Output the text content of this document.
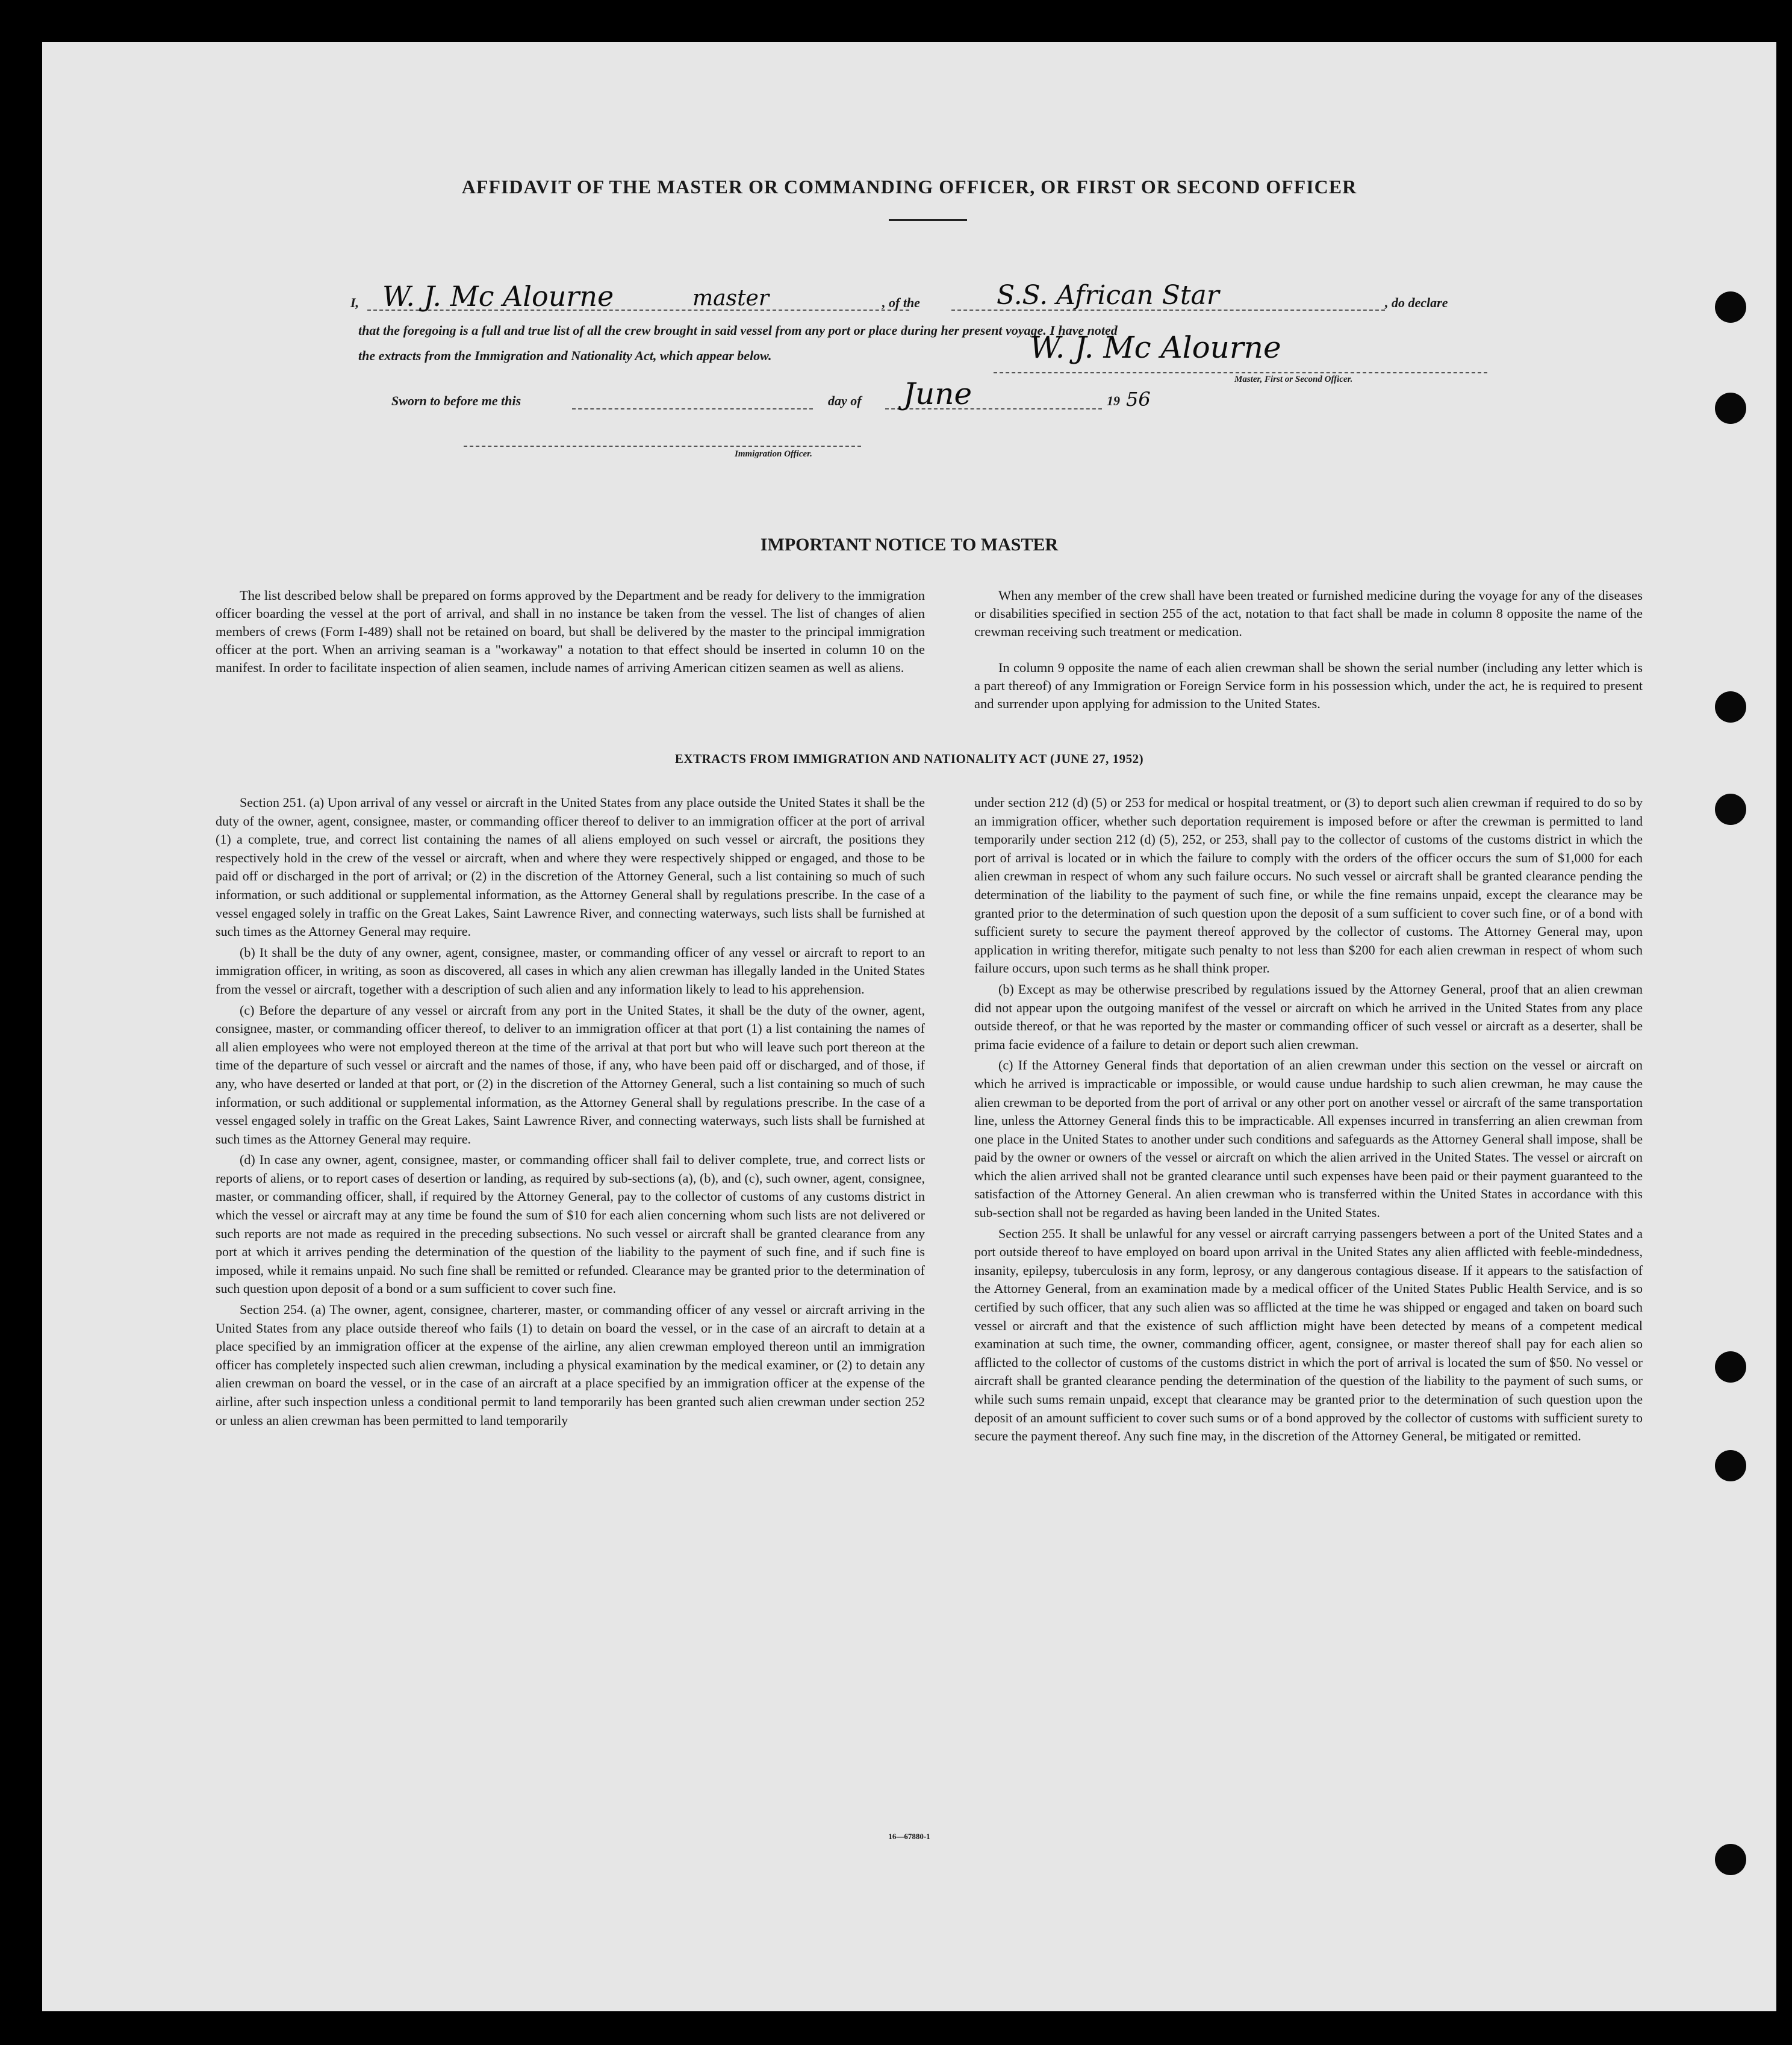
AFFIDAVIT OF THE MASTER OR COMMANDING OFFICER, OR FIRST OR SECOND OFFICER
I, W. J. Mc Alourne	master	, of the	S.S. African Star	, do declare
that the foregoing is a full and true list of all the crew brought in said vessel from any port or place during her present voyage. I have noted
the extracts from the Immigration and Nationality Act, which appear below.	W. J. Mc Alourne
Master, First or Second Officer.
Sworn to before me this	day of June	19 56
Immigration Officer.
IMPORTANT NOTICE TO MASTER
The list described below shall be prepared on forms approved by the Department and be ready for delivery to the immigration officer boarding the vessel at the port of arrival, and shall in no instance be taken from the vessel. The list of changes of alien members of crews (Form I-489) shall not be retained on board, but shall be delivered by the master to the principal immigration officer at the port. When an arriving seaman is a "workaway" a notation to that effect should be inserted in column 10 on the manifest. In order to facilitate inspection of alien seamen, include names of arriving American citizen seamen as well as aliens.
When any member of the crew shall have been treated or furnished medicine during the voyage for any of the diseases or disabilities specified in section 255 of the act, notation to that fact shall be made in column 8 opposite the name of the crewman receiving such treatment or medication.
In column 9 opposite the name of each alien crewman shall be shown the serial number (including any letter which is a part thereof) of any Immigration or Foreign Service form in his possession which, under the act, he is required to present and surrender upon applying for admission to the United States.
EXTRACTS FROM IMMIGRATION AND NATIONALITY ACT (JUNE 27, 1952)

Section 251. (a) Upon arrival of any vessel or aircraft in the United States from any place outside the United States it shall be the duty of the owner, agent, consignee, master, or commanding officer thereof to deliver to an immigration officer at the port of arrival (1) a complete, true, and correct list containing the names of all aliens employed on such vessel or aircraft, the positions they respectively hold in the crew of the vessel or aircraft, when and where they were respectively shipped or engaged, and those to be paid off or discharged in the port of arrival; or (2) in the discretion of the Attorney General, such a list containing so much of such information, or such additional or supplemental information, as the Attorney General shall by regulations prescribe. In the case of a vessel engaged solely in traffic on the Great Lakes, Saint Lawrence River, and connecting waterways, such lists shall be furnished at such times as the Attorney General may require.

(b) It shall be the duty of any owner, agent, consignee, master, or commanding officer of any vessel or aircraft to report to an immigration officer, in writing, as soon as discovered, all cases in which any alien crewman has illegally landed in the United States from the vessel or aircraft, together with a description of such alien and any information likely to lead to his apprehension.

(c) Before the departure of any vessel or aircraft from any port in the United States, it shall be the duty of the owner, agent, consignee, master, or commanding officer thereof, to deliver to an immigration officer at that port (1) a list containing the names of all alien employees who were not employed thereon at the time of the arrival at that port but who will leave such port thereon at the time of the departure of such vessel or aircraft and the names of those, if any, who have been paid off or discharged, and of those, if any, who have deserted or landed at that port, or (2) in the discretion of the Attorney General, such a list containing so much of such information, or such additional or supplemental information, as the Attorney General shall by regulations prescribe. In the case of a vessel engaged solely in traffic on the Great Lakes, Saint Lawrence River, and connecting waterways, such lists shall be furnished at such times as the Attorney General may require.

(d) In case any owner, agent, consignee, master, or commanding officer shall fail to deliver complete, true, and correct lists or reports of aliens, or to report cases of desertion or landing, as required by sub-sections (a), (b), and (c), such owner, agent, consignee, master, or commanding officer, shall, if required by the Attorney General, pay to the collector of customs of any customs district in which the vessel or aircraft may at any time be found the sum of $10 for each alien concerning whom such lists are not delivered or such reports are not made as required in the preceding subsections. No such vessel or aircraft shall be granted clearance from any port at which it arrives pending the determination of the question of the liability to the payment of such fine, and if such fine is imposed, while it remains unpaid. No such fine shall be remitted or refunded. Clearance may be granted prior to the determination of such question upon deposit of a bond or a sum sufficient to cover such fine.

Section 254. (a) The owner, agent, consignee, charterer, master, or commanding officer of any vessel or aircraft arriving in the United States from any place outside thereof who fails (1) to detain on board the vessel, or in the case of an aircraft to detain at a place specified by an immigration officer at the expense of the airline, any alien crewman employed thereon until an immigration officer has completely inspected such alien crewman, including a physical examination by the medical examiner, or (2) to detain any alien crewman on board the vessel, or in the case of an aircraft at a place specified by an immigration officer at the expense of the airline, after such inspection unless a conditional permit to land temporarily has been granted such alien crewman under section 252 or unless an alien crewman has been permitted to land temporarily

under section 212 (d) (5) or 253 for medical or hospital treatment, or (3) to deport such alien crewman if required to do so by an immigration officer, whether such deportation requirement is imposed before or after the crewman is permitted to land temporarily under section 212 (d) (5), 252, or 253, shall pay to the collector of customs of the customs district in which the port of arrival is located or in which the failure to comply with the orders of the officer occurs the sum of $1,000 for each alien crewman in respect of whom any such failure occurs. No such vessel or aircraft shall be granted clearance pending the determination of the liability to the payment of such fine, or while the fine remains unpaid, except the clearance may be granted prior to the determination of such question upon the deposit of a sum sufficient to cover such fine, or of a bond with sufficient surety to secure the payment thereof approved by the collector of customs. The Attorney General may, upon application in writing therefor, mitigate such penalty to not less than $200 for each alien crewman in respect of whom such failure occurs, upon such terms as he shall think proper.

(b) Except as may be otherwise prescribed by regulations issued by the Attorney General, proof that an alien crewman did not appear upon the outgoing manifest of the vessel or aircraft on which he arrived in the United States from any place outside thereof, or that he was reported by the master or commanding officer of such vessel or aircraft as a deserter, shall be prima facie evidence of a failure to detain or deport such alien crewman.

(c) If the Attorney General finds that deportation of an alien crewman under this section on the vessel or aircraft on which he arrived is impracticable or impossible, or would cause undue hardship to such alien crewman, he may cause the alien crewman to be deported from the port of arrival or any other port on another vessel or aircraft of the same transportation line, unless the Attorney General finds this to be impracticable. All expenses incurred in transferring an alien crewman from one place in the United States to another under such conditions and safeguards as the Attorney General shall impose, shall be paid by the owner or owners of the vessel or aircraft on which the alien arrived in the United States. The vessel or aircraft on which the alien arrived shall not be granted clearance until such expenses have been paid or their payment guaranteed to the satisfaction of the Attorney General. An alien crewman who is transferred within the United States in accordance with this sub-section shall not be regarded as having been landed in the United States.

Section 255. It shall be unlawful for any vessel or aircraft carrying passengers between a port of the United States and a port outside thereof to have employed on board upon arrival in the United States any alien afflicted with feeble-mindedness, insanity, epilepsy, tuberculosis in any form, leprosy, or any dangerous contagious disease. If it appears to the satisfaction of the Attorney General, from an examination made by a medical officer of the United States Public Health Service, and is so certified by such officer, that any such alien was so afflicted at the time he was shipped or engaged and taken on board such vessel or aircraft and that the existence of such affliction might have been detected by means of a competent medical examination at such time, the owner, commanding officer, agent, consignee, or master thereof shall pay for each alien so afflicted to the collector of customs of the customs district in which the port of arrival is located the sum of $50. No vessel or aircraft shall be granted clearance pending the determination of the question of the liability to the payment of such sums, or while such sums remain unpaid, except that clearance may be granted prior to the determination of such question upon the deposit of an amount sufficient to cover such sums or of a bond approved by the collector of customs with sufficient surety to secure the payment thereof. Any such fine may, in the discretion of the Attorney General, be mitigated or remitted.

16—67880-1
